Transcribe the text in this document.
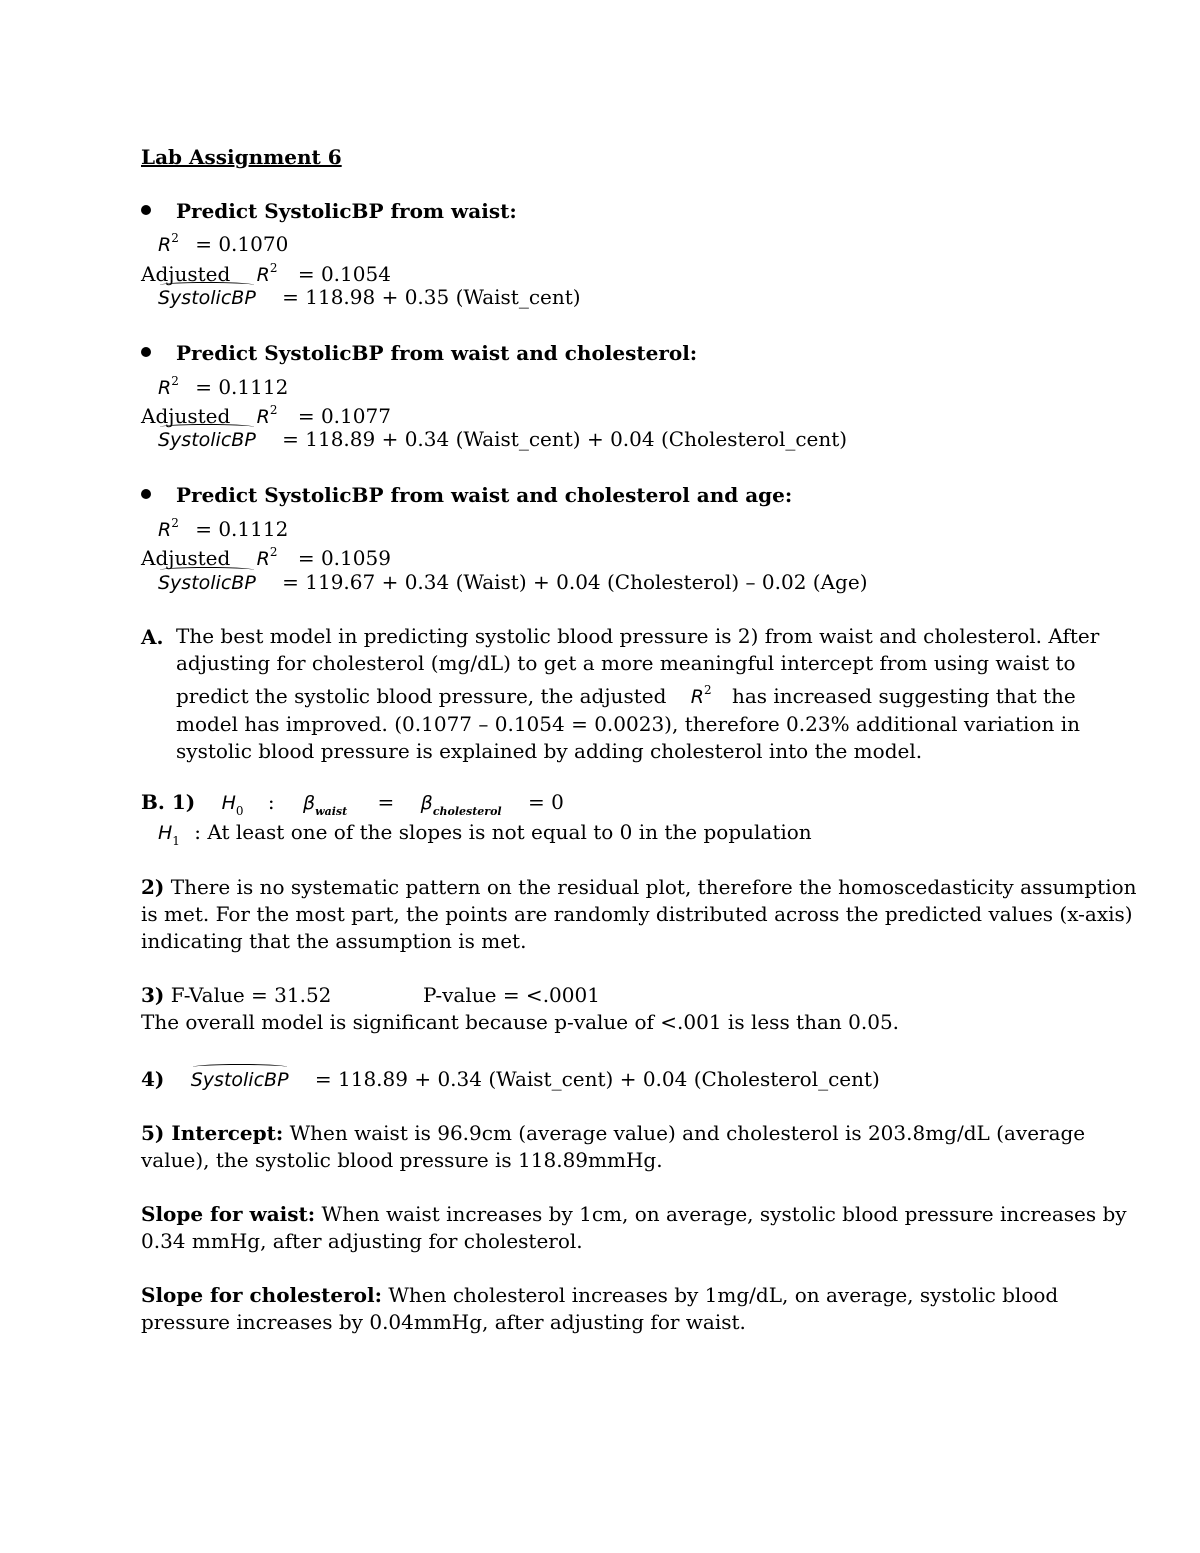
Lab Assignment 6
Predict SystolicBP from waist:
$R^2 = 0.1070$
Adjusted $R^2 = 0.1054$
SystolicBP = 118.98 + 0.35 (Waist_cent)
Predict SystolicBP from waist and cholesterol:
$R^2 = 0.1112$
Adjusted $R^2 = 0.1077$
SystolicBP = 118.89 + 0.34 (Waist_cent) + 0.04 (Cholesterol_cent)
Predict SystolicBP from waist and cholesterol and age:
$R^2 = 0.1112$
Adjusted $R^2 = 0.1059$
SystolicBP = 119.67 + 0.34 (Waist) + 0.04 (Cholesterol) – 0.02 (Age)
A. The best model in predicting systolic blood pressure is 2) from waist and cholesterol. After
adjusting for cholesterol (mg/dL) to get a more meaningful intercept from using waist to
predict the systolic blood pressure, the adjusted $R^2$ has increased suggesting that the
model has improved. (0.1077 – 0.1054 = 0.0023), therefore 0.23% additional variation in
systolic blood pressure is explained by adding cholesterol into the model.
B. 1) $H_0$ : $\beta_{waist} = \beta_{cholesterol} = 0$
$H_1$ : At least one of the slopes is not equal to 0 in the population
2) There is no systematic pattern on the residual plot, therefore the homoscedasticity assumption
is met. For the most part, the points are randomly distributed across the predicted values (x-axis)
indicating that the assumption is met.
3) F-Value = 31.52	P-value = <.0001
The overall model is significant because p-value of <.001 is less than 0.05.
4) SystolicBP = 118.89 + 0.34 (Waist_cent) + 0.04 (Cholesterol_cent)
5) Intercept: When waist is 96.9cm (average value) and cholesterol is 203.8mg/dL (average
value), the systolic blood pressure is 118.89mmHg.
Slope for waist: When waist increases by 1cm, on average, systolic blood pressure increases by
0.34 mmHg, after adjusting for cholesterol.
Slope for cholesterol: When cholesterol increases by 1mg/dL, on average, systolic blood
pressure increases by 0.04mmHg, after adjusting for waist.
